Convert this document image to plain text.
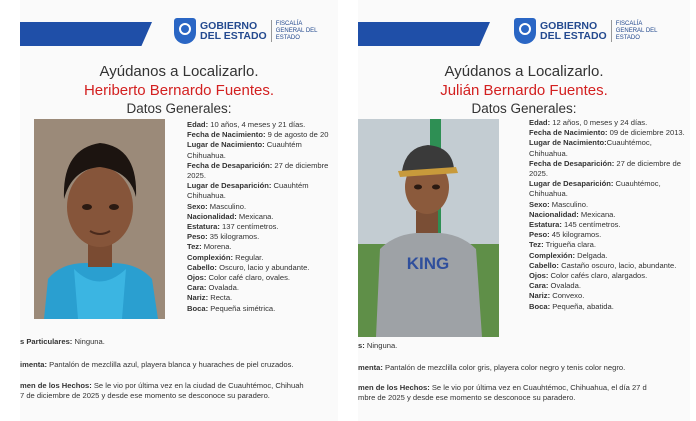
GOBIERNO
DEL ESTADO
FISCALÍA GENERAL DEL ESTADO
Ayúdanos a Localizarlo.
Heriberto Bernardo Fuentes.
Datos Generales:
Edad: 10 años, 4 meses y 21 días.
Fecha de Nacimiento: 9 de agosto de 20
Lugar de Nacimiento: Cuauhtém Chihuahua.
Fecha de Desaparición: 27 de diciembre 2025.
Lugar de Desaparición: Cuauhtém Chihuahua.
Sexo: Masculino.
Nacionalidad: Mexicana.
Estatura: 137 centímetros.
Peso: 35 kilogramos.
Tez: Morena.
Complexión: Regular.
Cabello: Oscuro, lacio y abundante.
Ojos: Color café claro, ovales.
Cara: Ovalada.
Nariz: Recta.
Boca: Pequeña simétrica.
s Particulares: Ninguna.
imenta: Pantalón de mezclilla azul, playera blanca y huaraches de piel cruzados.
men de los Hechos: Se le vio por última vez en la ciudad de Cuauhtémoc, Chihuah
7 de diciembre de 2025 y desde ese momento se desconoce su paradero.
GOBIERNO
DEL ESTADO
FISCALÍA GENERAL DEL ESTADO
Ayúdanos a Localizarlo.
Julián Bernardo Fuentes.
Datos Generales:
KING
Edad: 12 años, 0 meses y 24 días.
Fecha de Nacimiento: 09 de diciembre 2013.
Lugar de Nacimiento:Cuauhtémoc, Chihuahua.
Fecha de Desaparición: 27 de diciembre de 2025.
Lugar de Desaparición: Cuauhtémoc, Chihuahua.
Sexo: Masculino.
Nacionalidad: Mexicana.
Estatura: 145 centímetros.
Peso: 45 kilogramos.
Tez: Trigueña clara.
Complexión: Delgada.
Cabello: Castaño oscuro, lacio, abundante.
Ojos: Color cafés claro, alargados.
Cara: Ovalada.
Nariz: Convexo.
Boca: Pequeña, abatida.
s: Ninguna.
menta: Pantalón de mezclilla color gris, playera color negro y tenis color negro.
men de los Hechos: Se le vio por última vez en Cuauhtémoc, Chihuahua, el día 27 d
mbre de 2025 y desde ese momento se desconoce su paradero.
